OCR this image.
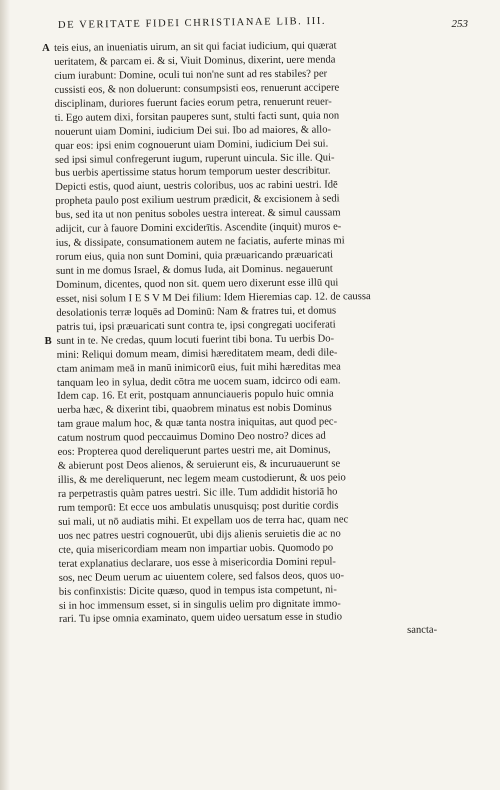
DE VERITATE FIDEI CHRISTIANAE LIB. III.	253
A teis eius, an inueniatis uirum, an sit qui faciat iudicium, qui quærat
ueritatem, & parcam ei. & si, Viuit Dominus, dixerint, uere menda
cium iurabunt: Domine, oculi tui non'ne sunt ad res stabiles? per
cussisti eos, & non doluerunt: consumpsisti eos, renuerunt accipere
disciplinam, duriores fuerunt facies eorum petra, renuerunt reuer-
ti. Ego autem dixi, forsitan pauperes sunt, stulti facti sunt, quia non
nouerunt uiam Domini, iudicium Dei sui. Ibo ad maiores, & allo-
quar eos: ipsi enim cognouerunt uiam Domini, iudicium Dei sui.
sed ipsi simul confregerunt iugum, ruperunt uincula. Sic ille. Qui-
bus uerbis apertissime status horum temporum uester describitur.
Depicti estis, quod aiunt, uestris coloribus, uos ac rabini uestri. Idē
propheta paulo post exilium uestrum prædicit, & excisionem à sedi
bus, sed ita ut non penitus soboles uestra intereat. & simul caussam
adijcit, cur à fauore Domini exciderītis. Ascendite (inquit) muros e-
ius, & dissipate, consumationem autem ne faciatis, auferte minas mi
rorum eius, quia non sunt Domini, quia præuaricando præuaricati
sunt in me domus Israel, & domus Iuda, ait Dominus. negauerunt
Dominum, dicentes, quod non sit. quem uero dixerunt esse illū qui
esset, nisi solum I E S V M Dei filium: Idem Hieremias cap. 12. de caussa
desolationis terræ loquēs ad Dominū: Nam & fratres tui, et domus
patris tui, ipsi præuaricati sunt contra te, ipsi congregati uociferati
B sunt in te. Ne credas, quum locuti fuerint tibi bona. Tu uerbis Do-
mini: Reliqui domum meam, dimisi hæreditatem meam, dedi dile-
ctam animam meā in manū inimicorū eius, fuit mihi hæreditas mea
tanquam leo in sylua, dedit cōtra me uocem suam, idcirco odi eam.
Idem cap. 16. Et erit, postquam annunciaueris populo huic omnia
uerba hæc, & dixerint tibi, quaobrem minatus est nobis Dominus
tam graue malum hoc, & quæ tanta nostra iniquitas, aut quod pec-
catum nostrum quod peccauimus Domino Deo nostro? dices ad
eos: Propterea quod dereliquerunt partes uestri me, ait Dominus,
& abierunt post Deos alienos, & seruierunt eis, & incuruauerunt se
illis, & me dereliquerunt, nec legem meam custodierunt, & uos peio
ra perpetrastis quàm patres uestri. Sic ille. Tum addidit historiā ho
rum temporū: Et ecce uos ambulatis unusquisq; post duritie cordis
sui mali, ut nō audiatis mihi. Et expellam uos de terra hac, quam nec
uos nec patres uestri cognouerūt, ubi dijs alienis seruietis die ac no
cte, quia misericordiam meam non impartiar uobis. Quomodo po
terat explanatius declarare, uos esse à misericordia Domini repul-
sos, nec Deum uerum ac uiuentem colere, sed falsos deos, quos uo-
bis confinxistis: Dicite quæso, quod in tempus ista competunt, ni-
si in hoc immensum esset, si in singulis uelim pro dignitate immo-
rari. Tu ipse omnia examinato, quem uideo uersatum esse in studio
sancta-
